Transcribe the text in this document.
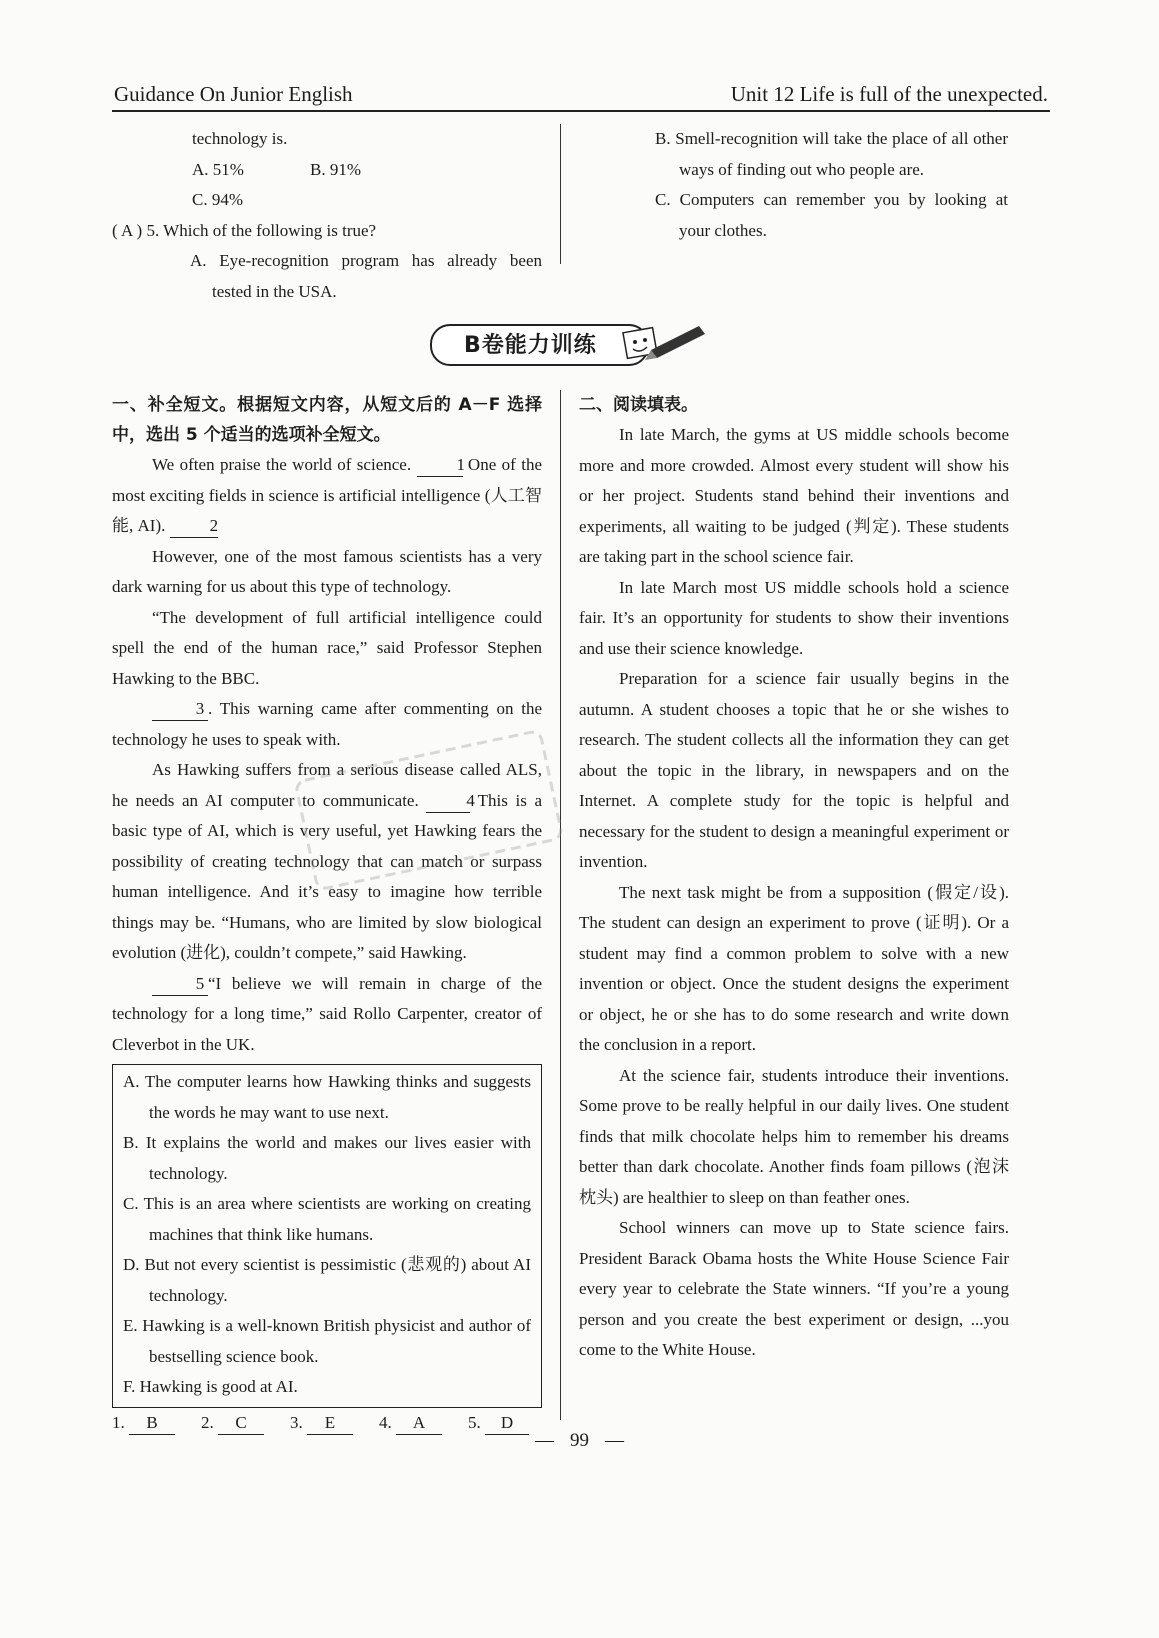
Guidance On Junior English	Unit 12 Life is full of the unexpected.

technology is.

A. 51%	B. 91%C. 94%

( A ) 5. Which of the following is true?

A. Eye-recognition program has already been tested in the USA.

B. Smell-recognition will take the place of all other ways of finding out who people are.

C. Computers can remember you by looking at your clothes.

B卷能力训练

一、补全短文。根据短文内容，从短文后的 A－F 选择中，选出 5 个适当的选项补全短文。

We often praise the world of science.	1 One of the most exciting fields in science is artificial intelligence (人工智能, AI).	2

However, one of the most famous scientists has a very dark warning for us about this type of technology.

“The development of full artificial intelligence could spell the end of the human race,” said Professor Stephen Hawking to the BBC.

3 . This warning came after commenting on the technology he uses to speak with.

As Hawking suffers from a serious disease called ALS, he needs an AI computer to communicate.	4 This is a basic type of AI, which is very useful, yet Hawking fears the possibility of creating technology that can match or surpass human intelligence. And it’s easy to imagine how terrible things may be. “Humans, who are limited by slow biological evolution (进化), couldn’t compete,” said Hawking.

5 “I believe we will remain in charge of the technology for a long time,” said Rollo Carpenter, creator of Cleverbot in the UK.

A. The computer learns how Hawking thinks and suggests the words he may want to use next.

B. It explains the world and makes our lives easier with technology.

C. This is an area where scientists are working on creating machines that think like humans.

D. But not every scientist is pessimistic (悲观的) about AI technology.

E. Hawking is a well-known British physicist and author of bestselling science book.

F. Hawking is good at AI.

1. B	2. C	3. E	4. A	5. D

二、阅读填表。

In late March, the gyms at US middle schools become more and more crowded. Almost every student will show his or her project. Students stand behind their inventions and experiments, all waiting to be judged (判定). These students are taking part in the school science fair.

In late March most US middle schools hold a science fair. It’s an opportunity for students to show their inventions and use their science knowledge.

Preparation for a science fair usually begins in the autumn. A student chooses a topic that he or she wishes to research. The student collects all the information they can get about the topic in the library, in newspapers and on the Internet. A complete study for the topic is helpful and necessary for the student to design a meaningful experiment or invention.

The next task might be from a supposition (假定/设). The student can design an experiment to prove (证明). Or a student may find a common problem to solve with a new invention or object. Once the student designs the experiment or object, he or she has to do some research and write down the conclusion in a report.

At the science fair, students introduce their inventions. Some prove to be really helpful in our daily lives. One student finds that milk chocolate helps him to remember his dreams better than dark chocolate. Another finds foam pillows (泡沫枕头) are healthier to sleep on than feather ones.

School winners can move up to State science fairs. President Barack Obama hosts the White House Science Fair every year to celebrate the State winners. “If you’re a young person and you create the best experiment or design, ...you come to the White House.

— 99 —
